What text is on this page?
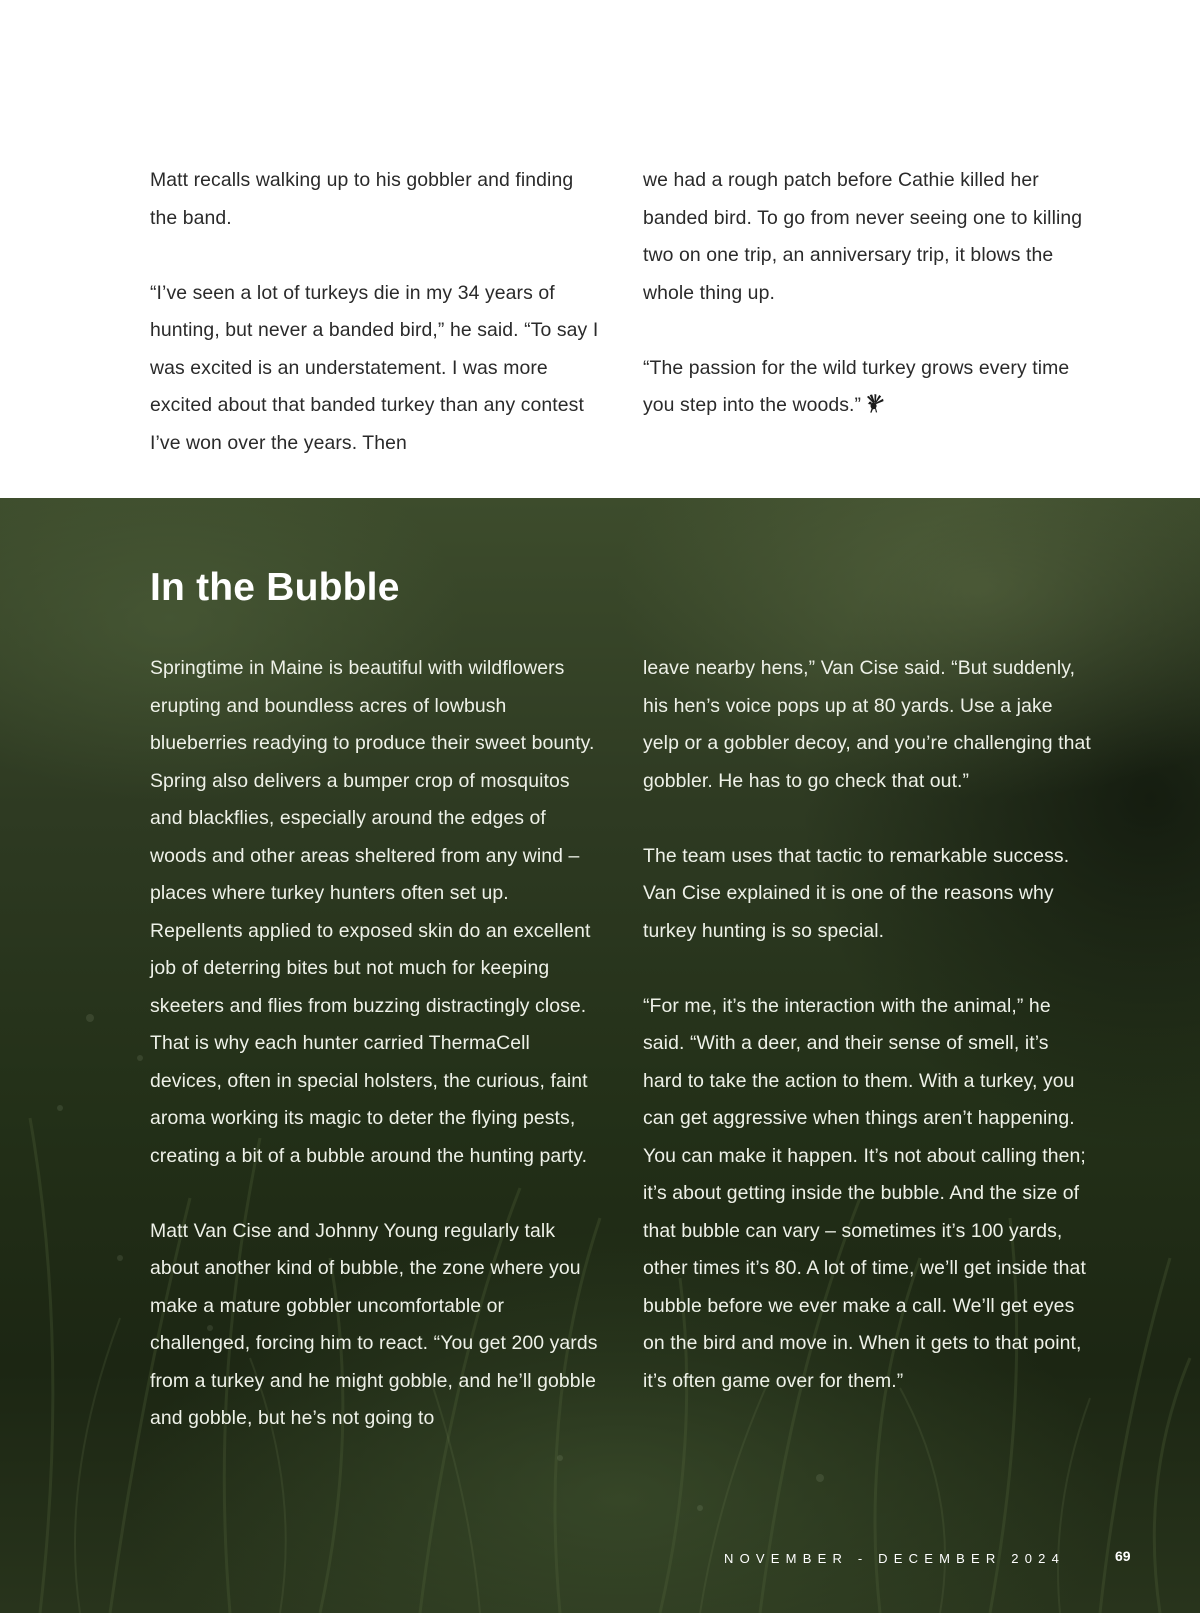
Matt recalls walking up to his gobbler and finding the band.

“I’ve seen a lot of turkeys die in my 34 years of hunting, but never a banded bird,” he said. “To say I was excited is an understatement. I was more excited about that banded turkey than any contest I’ve won over the years. Then

we had a rough patch before Cathie killed her banded bird. To go from never seeing one to killing two on one trip, an anniversary trip, it blows the whole thing up.

“The passion for the wild turkey grows every time you step into the woods.”

In the Bubble

Springtime in Maine is beautiful with wildflowers erupting and boundless acres of lowbush blueberries readying to produce their sweet bounty. Spring also delivers a bumper crop of mosquitos and blackflies, especially around the edges of woods and other areas sheltered from any wind – places where turkey hunters often set up. Repellents applied to exposed skin do an excellent job of deterring bites but not much for keeping skeeters and flies from buzzing distractingly close. That is why each hunter carried ThermaCell devices, often in special holsters, the curious, faint aroma working its magic to deter the flying pests, creating a bit of a bubble around the hunting party.

Matt Van Cise and Johnny Young regularly talk about another kind of bubble, the zone where you make a mature gobbler uncomfortable or challenged, forcing him to react. “You get 200 yards from a turkey and he might gobble, and he’ll gobble and gobble, but he’s not going to

leave nearby hens,” Van Cise said. “But suddenly, his hen’s voice pops up at 80 yards. Use a jake yelp or a gobbler decoy, and you’re challenging that gobbler. He has to go check that out.”

The team uses that tactic to remarkable success. Van Cise explained it is one of the reasons why turkey hunting is so special.

“For me, it’s the interaction with the animal,” he said. “With a deer, and their sense of smell, it’s hard to take the action to them. With a turkey, you can get aggressive when things aren’t happening. You can make it happen. It’s not about calling then; it’s about getting inside the bubble. And the size of that bubble can vary – sometimes it’s 100 yards, other times it’s 80. A lot of time, we’ll get inside that bubble before we ever make a call. We’ll get eyes on the bird and move in. When it gets to that point, it’s often game over for them.”

NOVEMBER - DECEMBER 2024	69
